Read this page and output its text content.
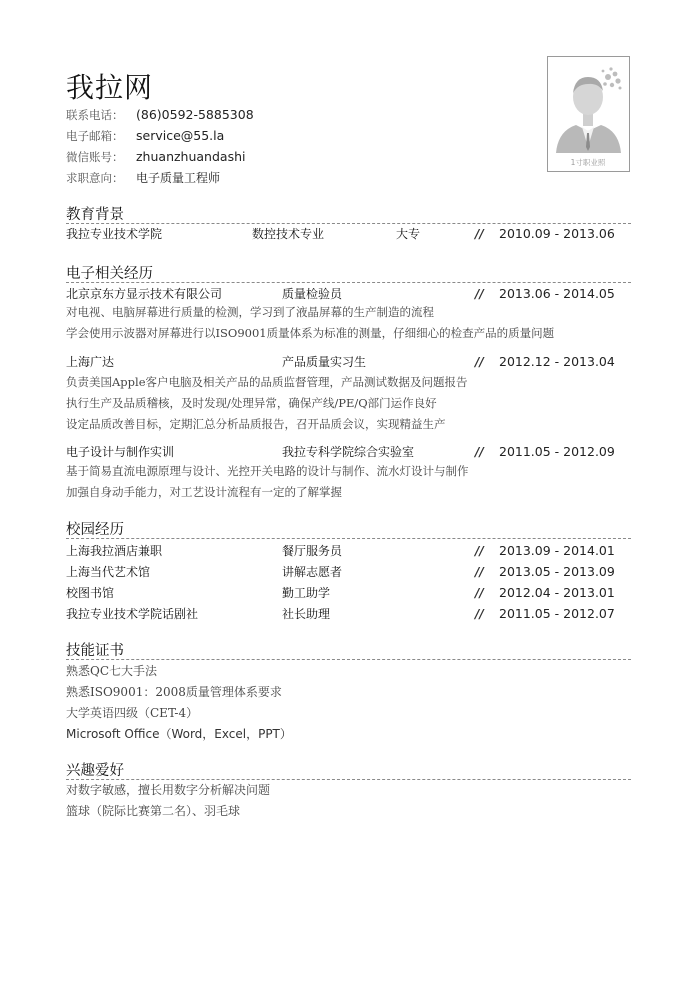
我拉网
联系电话：	(86)0592-5885308
电子邮箱：	service@55.la
微信账号：	zhuanzhuandashi
求职意向：	电子质量工程师
1寸职业照
教育背景
我拉专业技术学院	数控技术专业	大专	// 2010.09 - 2013.06
电子相关经历
北京京东方显示技术有限公司	质量检验员	// 2013.06 - 2014.05
对电视、电脑屏幕进行质量的检测，学习到了液晶屏幕的生产制造的流程
学会使用示波器对屏幕进行以ISO9001质量体系为标准的测量，仔细细心的检查产品的质量问题
上海广达	产品质量实习生	// 2012.12 - 2013.04
负责美国Apple客户电脑及相关产品的品质监督管理，产品测试数据及问题报告
执行生产及品质稽核，及时发现/处理异常，确保产线/PE/Q部门运作良好
设定品质改善目标，定期汇总分析品质报告，召开品质会议，实现精益生产
电子设计与制作实训	我拉专科学院综合实验室	// 2011.05 - 2012.09
基于简易直流电源原理与设计、光控开关电路的设计与制作、流水灯设计与制作
加强自身动手能力，对工艺设计流程有一定的了解掌握
校园经历
上海我拉酒店兼职	餐厅服务员	// 2013.09 - 2014.01
上海当代艺术馆	讲解志愿者	// 2013.05 - 2013.09
校图书馆	勤工助学	// 2012.04 - 2013.01
我拉专业技术学院话剧社	社长助理	// 2011.05 - 2012.07
技能证书
熟悉QC七大手法
熟悉ISO9001：2008质量管理体系要求
大学英语四级（CET-4）
Microsoft Office（Word，Excel，PPT）
兴趣爱好
对数字敏感，擅长用数字分析解决问题
篮球（院际比赛第二名）、羽毛球
